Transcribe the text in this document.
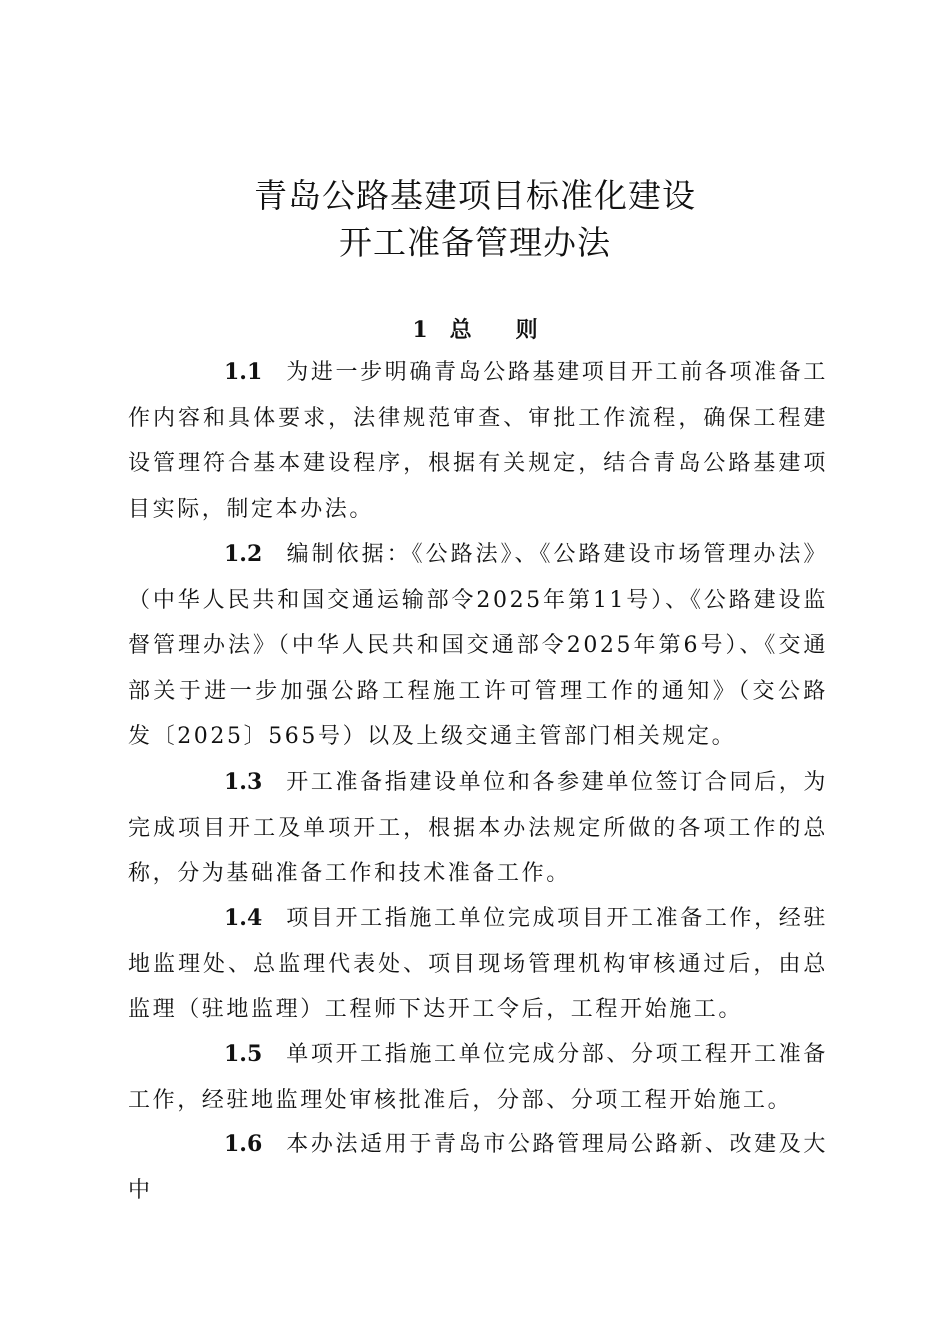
青岛公路基建项目标准化建设
开工准备管理办法
1 总 则
1.1 为进一步明确青岛公路基建项目开工前各项准备工作内容和具体要求，法律规范审查、审批工作流程，确保工程建设管理符合基本建设程序，根据有关规定，结合青岛公路基建项目实际，制定本办法。
1.2 编制依据：《公路法》、《公路建设市场管理办法》（中华人民共和国交通运输部令2025年第11号）、《公路建设监督管理办法》（中华人民共和国交通部令2025年第6号）、《交通部关于进一步加强公路工程施工许可管理工作的通知》（交公路发〔2025〕565号）以及上级交通主管部门相关规定。
1.3 开工准备指建设单位和各参建单位签订合同后，为完成项目开工及单项开工，根据本办法规定所做的各项工作的总称，分为基础准备工作和技术准备工作。
1.4 项目开工指施工单位完成项目开工准备工作，经驻地监理处、总监理代表处、项目现场管理机构审核通过后，由总监理（驻地监理）工程师下达开工令后，工程开始施工。
1.5 单项开工指施工单位完成分部、分项工程开工准备工作，经驻地监理处审核批准后，分部、分项工程开始施工。
1.6 本办法适用于青岛市公路管理局公路新、改建及大中
